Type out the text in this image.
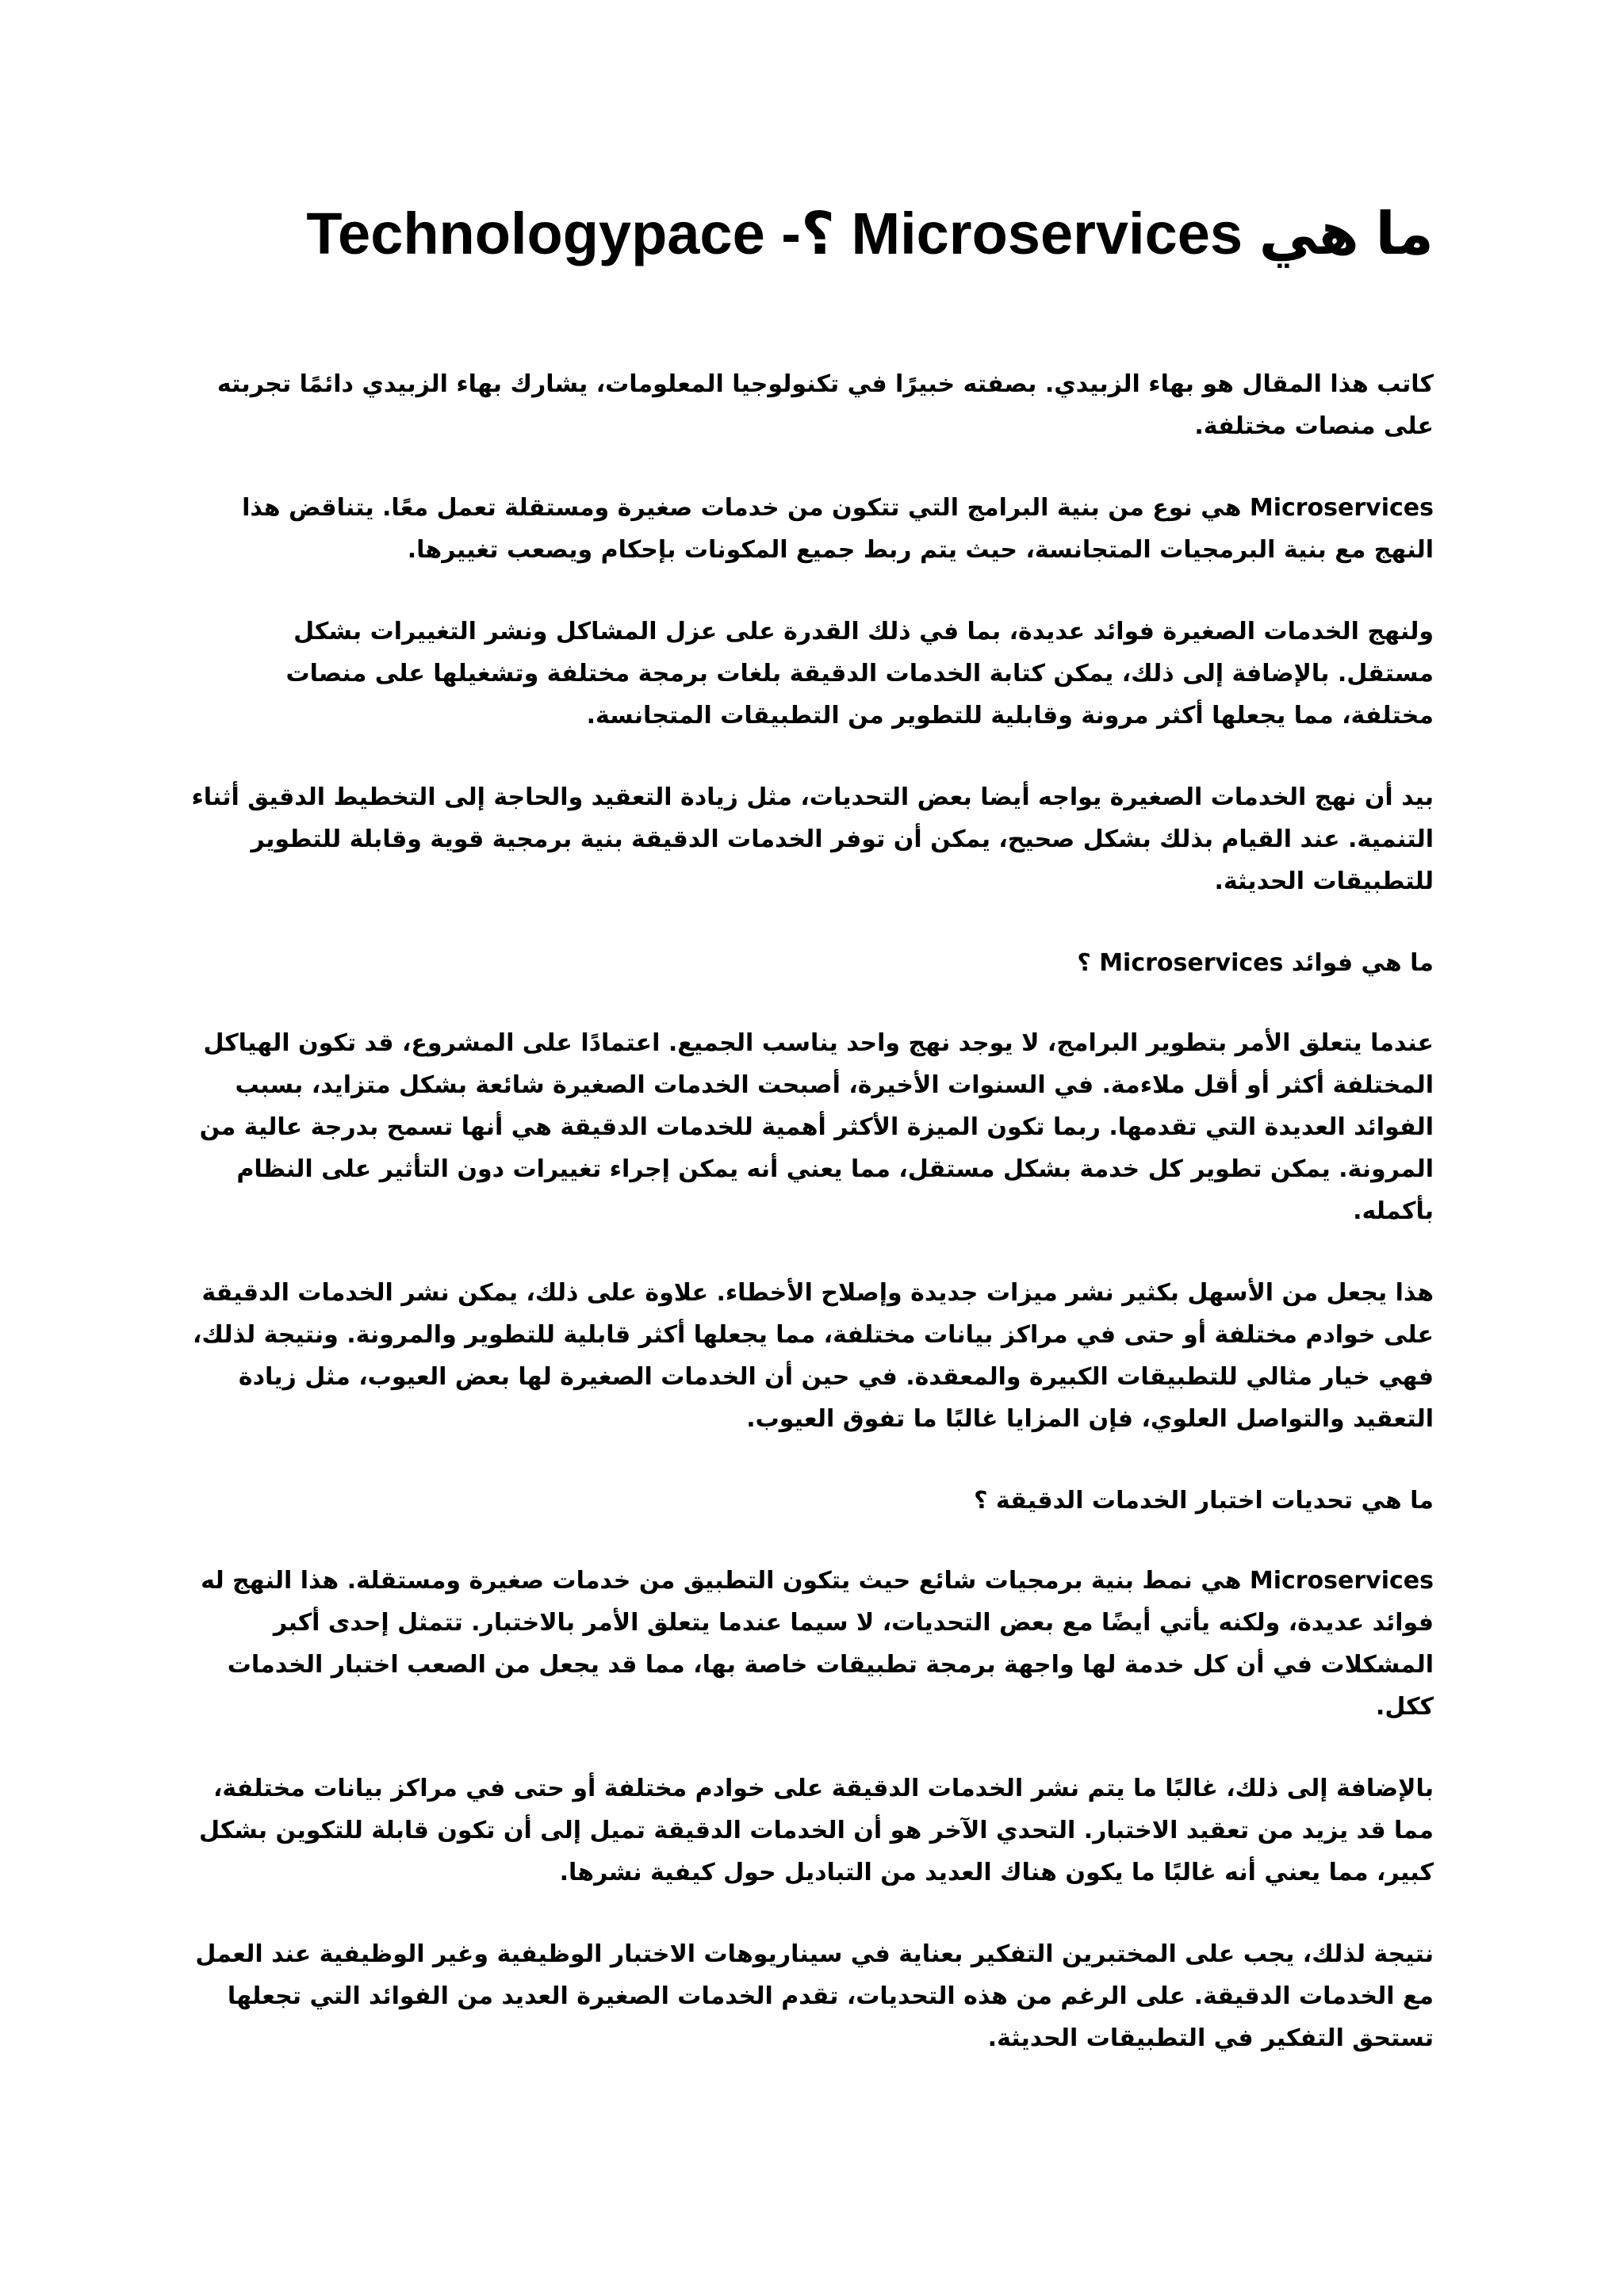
ما هي Microservices ؟- Technologypace

كاتب هذا المقال هو بهاء الزبيدي. بصفته خبيرًا في تكنولوجيا المعلومات، يشارك بهاء الزبيدي دائمًا تجربته على منصات مختلفة.

Microservices هي نوع من بنية البرامج التي تتكون من خدمات صغيرة ومستقلة تعمل معًا. يتناقض هذا النهج مع بنية البرمجيات المتجانسة، حيث يتم ربط جميع المكونات بإحكام ويصعب تغييرها.

ولنهج الخدمات الصغيرة فوائد عديدة، بما في ذلك القدرة على عزل المشاكل ونشر التغييرات بشكل مستقل. بالإضافة إلى ذلك، يمكن كتابة الخدمات الدقيقة بلغات برمجة مختلفة وتشغيلها على منصات مختلفة، مما يجعلها أكثر مرونة وقابلية للتطوير من التطبيقات المتجانسة.

بيد أن نهج الخدمات الصغيرة يواجه أيضا بعض التحديات، مثل زيادة التعقيد والحاجة إلى التخطيط الدقيق أثناء التنمية. عند القيام بذلك بشكل صحيح، يمكن أن توفر الخدمات الدقيقة بنية برمجية قوية وقابلة للتطوير للتطبيقات الحديثة.

ما هي فوائد Microservices ؟

عندما يتعلق الأمر بتطوير البرامج، لا يوجد نهج واحد يناسب الجميع. اعتمادًا على المشروع، قد تكون الهياكل المختلفة أكثر أو أقل ملاءمة. في السنوات الأخيرة، أصبحت الخدمات الصغيرة شائعة بشكل متزايد، بسبب الفوائد العديدة التي تقدمها. ربما تكون الميزة الأكثر أهمية للخدمات الدقيقة هي أنها تسمح بدرجة عالية من المرونة. يمكن تطوير كل خدمة بشكل مستقل، مما يعني أنه يمكن إجراء تغييرات دون التأثير على النظام بأكمله.

هذا يجعل من الأسهل بكثير نشر ميزات جديدة وإصلاح الأخطاء. علاوة على ذلك، يمكن نشر الخدمات الدقيقة على خوادم مختلفة أو حتى في مراكز بيانات مختلفة، مما يجعلها أكثر قابلية للتطوير والمرونة. ونتيجة لذلك، فهي خيار مثالي للتطبيقات الكبيرة والمعقدة. في حين أن الخدمات الصغيرة لها بعض العيوب، مثل زيادة التعقيد والتواصل العلوي، فإن المزايا غالبًا ما تفوق العيوب.

ما هي تحديات اختبار الخدمات الدقيقة ؟

Microservices هي نمط بنية برمجيات شائع حيث يتكون التطبيق من خدمات صغيرة ومستقلة. هذا النهج له فوائد عديدة، ولكنه يأتي أيضًا مع بعض التحديات، لا سيما عندما يتعلق الأمر بالاختبار. تتمثل إحدى أكبر المشكلات في أن كل خدمة لها واجهة برمجة تطبيقات خاصة بها، مما قد يجعل من الصعب اختبار الخدمات ككل.

بالإضافة إلى ذلك، غالبًا ما يتم نشر الخدمات الدقيقة على خوادم مختلفة أو حتى في مراكز بيانات مختلفة، مما قد يزيد من تعقيد الاختبار. التحدي الآخر هو أن الخدمات الدقيقة تميل إلى أن تكون قابلة للتكوين بشكل كبير، مما يعني أنه غالبًا ما يكون هناك العديد من التباديل حول كيفية نشرها.

نتيجة لذلك، يجب على المختبرين التفكير بعناية في سيناريوهات الاختبار الوظيفية وغير الوظيفية عند العمل مع الخدمات الدقيقة. على الرغم من هذه التحديات، تقدم الخدمات الصغيرة العديد من الفوائد التي تجعلها تستحق التفكير في التطبيقات الحديثة.
